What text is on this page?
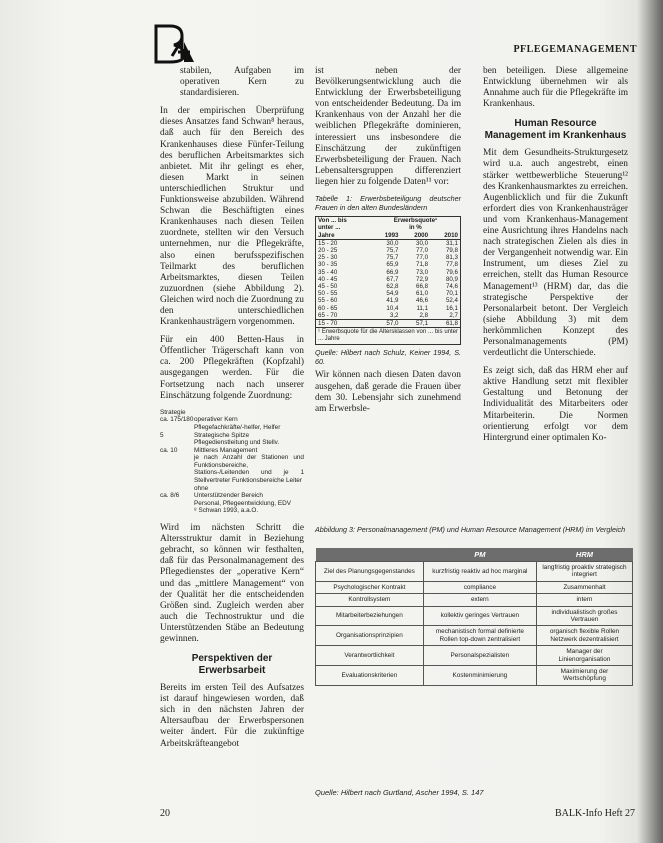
PFLEGEMANAGEMENT

stabilen, Aufgaben im operativen Kern zu standardisieren.

In der empirischen Überprüfung dieses Ansatzes fand Schwan⁸ heraus, daß auch für den Bereich des Krankenhauses diese Fünfer-Teilung des beruflichen Arbeitsmarktes sich anbietet. Mit ihr gelingt es eher, diesen Markt in seinen unterschiedlichen Struktur und Funktionsweise abzubilden. Während Schwan die Beschäftigten eines Krankenhauses nach diesen Teilen zuordnete, stellten wir den Versuch unternehmen, nur die Pflegekräfte, also einen berufsspezifischen Teilmarkt des beruflichen Arbeitsmarktes, diesen Teilen zuzuordnen (siehe Abbildung 2). Gleichen wird noch die Zuordnung zu den unterschiedlichen Krankenhausträgern vorgenommen.

Für ein 400 Betten-Haus in Öffentlicher Trägerschaft kann von ca. 200 Pflegekräften (Kopfzahl) ausgegangen werden. Für die Fortsetzung nach nach unserer Einschätzung folgende Zuordnung:

Strategie
ca. 175/180 operativer Kern
Pflegefachkräfte/-helfer, Helfer
5	Strategische Spitze
Pflegedienstleitung und Stellv.
ca. 10	Mittleres Management
je nach Anzahl der Stationen und Funktionsbereiche, Stations-/Leitenden und je 1 Stellvertreter Funktionsbereiche Leiter
ohne
ca. 8/6	Unterstützender Bereich
Personal, Pflegeentwicklung, EDV
⁸ Schwan 1993, a.a.O.

Wird im nächsten Schritt die Altersstruktur damit in Beziehung gebracht, so können wir festhalten, daß für das Personalmanagement des Pflegedienstes der „operative Kern“ und das „mittlere Management“ von der Qualität her die entscheidenden Größen sind. Zugleich werden aber auch die Technostruktur und die Unterstützenden Stäbe an Bedeutung gewinnen.

Perspektiven der Erwerbsarbeit

Bereits im ersten Teil des Aufsatzes ist darauf hingewiesen worden, daß sich in den nächsten Jahren der Altersaufbau der Erwerbspersonen weiter ändert. Für die zukünftige Arbeitskräfteangebot

ist neben der Bevölkerungsentwicklung auch die Entwicklung der Erwerbsbeteiligung von entscheidender Bedeutung. Da im Krankenhaus von der Anzahl her die weiblichen Pflegekräfte dominieren, interessiert uns insbesondere die Einschätzung der zukünftigen Erwerbsbeteiligung der Frauen. Nach Lebensaltersgruppen differenziert liegen hier zu folgende Daten¹¹ vor:

Tabelle 1: Erwerbsbeteiligung deutscher Frauen in den alten Bundesländern
Von ... bis	Erwerbsquote¹		
unter ...	in %		
Jahre	1993	2000	2010
15 - 20	30,0	30,0	31,1
20 - 25	75,7	77,0	79,8
25 - 30	75,7	77,0	81,3
30 - 35	65,9	71,8	77,8
35 - 40	66,9	73,0	79,6
40 - 45	67,7	72,9	80,9
45 - 50	62,8	66,8	74,6
50 - 55	54,9	61,0	70,1
55 - 60	41,9	46,6	52,4
60 - 65	10,4	11,1	16,1
65 - 70	3,2	2,8	2,7
15 - 70	57,0	57,1	61,8
¹ Erwerbsquote für die Altersklassen von ... bis unter ... Jahre
Quelle: Hilbert nach Schulz, Keiner 1994, S. 60.

Wir können nach diesen Daten davon ausgehen, daß gerade die Frauen über dem 30. Lebensjahr sich zunehmend am Erwerbsle-

ben beteiligen. Diese allgemeine Entwicklung übernehmen wir als Annahme auch für die Pflegekräfte im Krankenhaus.

Human Resource Management im Krankenhaus

Mit dem Gesundheits-Strukturgesetz wird u.a. auch angestrebt, einen stärker wettbewerbliche Steuerung¹² des Krankenhausmarktes zu erreichen. Augenblicklich und für die Zukunft erfordert dies von Krankenhausträger und vom Krankenhaus-Management eine Ausrichtung ihres Handelns nach nach strategischen Zielen als dies in der Vergangenheit notwendig war. Ein Instrument, um dieses Ziel zu erreichen, stellt das Human Resource Management¹³ (HRM) dar, das die strategische Perspektive der Personalarbeit betont. Der Vergleich (siehe Abbildung 3) mit dem herkömmlichen Konzept des Personalmanagements (PM) verdeutlicht die Unterschiede.

Es zeigt sich, daß das HRM eher auf aktive Handlung setzt mit flexibler Gestaltung und Betonung der Individualität des Mitarbeiters oder Mitarbeiterin. Die Normen orientierung erfolgt vor dem Hintergrund einer optimalen Ko-

Abbildung 3: Personalmanagement (PM) und Human Resource Management (HRM) im Vergleich
	PM	HRM
Ziel des Planungsgegenstandes	kurzfristig reaktiv ad hoc marginal	langfristig proaktiv strategisch integriert
Psychologischer Kontrakt	compliance	Zusammenhalt
Kontrollsystem	extern	intern
Mitarbeiterbeziehungen	kollektiv geringes Vertrauen	individualistisch großes Vertrauen
Organisationsprinzipien	mechanistisch formal definierte Rollen top-down zentralisiert	organisch flexible Rollen Netzwerk dezentralisiert
Verantwortlichkeit	Personalspezialisten	Manager der Linienorganisation
Evaluationskriterien	Kostenminimierung	Maximierung der Wertschöpfung
Quelle: Hilbert nach Gurtland, Ascher 1994, S. 147
20	BALK-Info Heft 27
